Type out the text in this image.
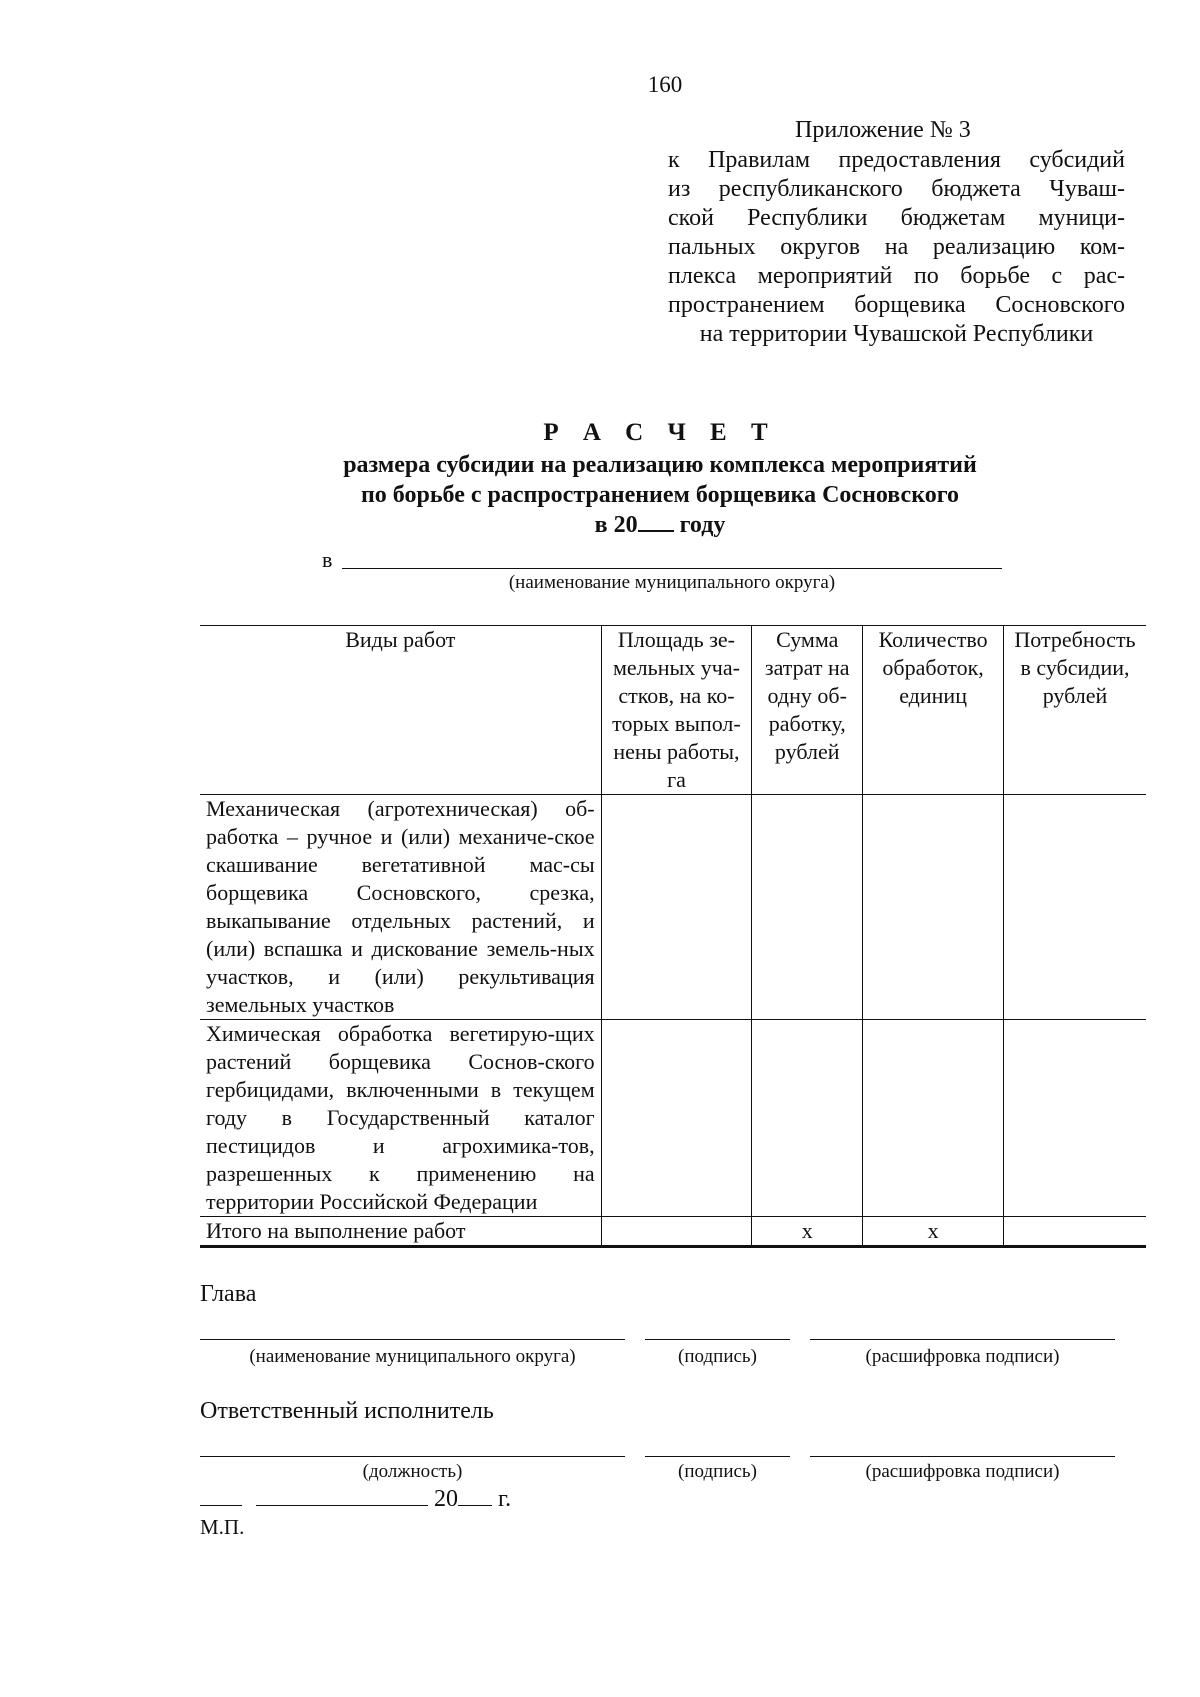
160
Приложение № 3
к Правилам предоставления субсидий
из республиканского бюджета Чуваш-
ской Республики бюджетам муници-
пальных округов на реализацию ком-
плекса мероприятий по борьбе с рас-
пространением борщевика Сосновского
на территории Чувашской Республики
Р А С Ч Е Т
размера субсидии на реализацию комплекса мероприятий
по борьбе с распространением борщевика Сосновского
в 20 году
в
(наименование муниципального округа)
Виды работ	Площадь зе-мельных уча-стков, на ко-торых выпол-нены работы, га	Сумма затрат на одну об-работку, рублей	Количество обработок, единиц	Потребность в субсидии, рублей
Механическая (агротехническая) об-работка – ручное и (или) механиче-ское скашивание вегетативной мас-сы борщевика Сосновского, срезка, выкапывание отдельных растений, и (или) вспашка и дискование земель-ных участков, и (или) рекультивация земельных участков				
Химическая обработка вегетирую-щих растений борщевика Соснов-ского гербицидами, включенными в текущем году в Государственный каталог пестицидов и агрохимика-тов, разрешенных к применению на территории Российской Федерации				
Итого на выполнение работ		х	х	
Глава
(наименование муниципального округа)	(подпись)	(расшифровка подписи)
Ответственный исполнитель
(должность)	(подпись)	(расшифровка подписи)
20 г.
М.П.
